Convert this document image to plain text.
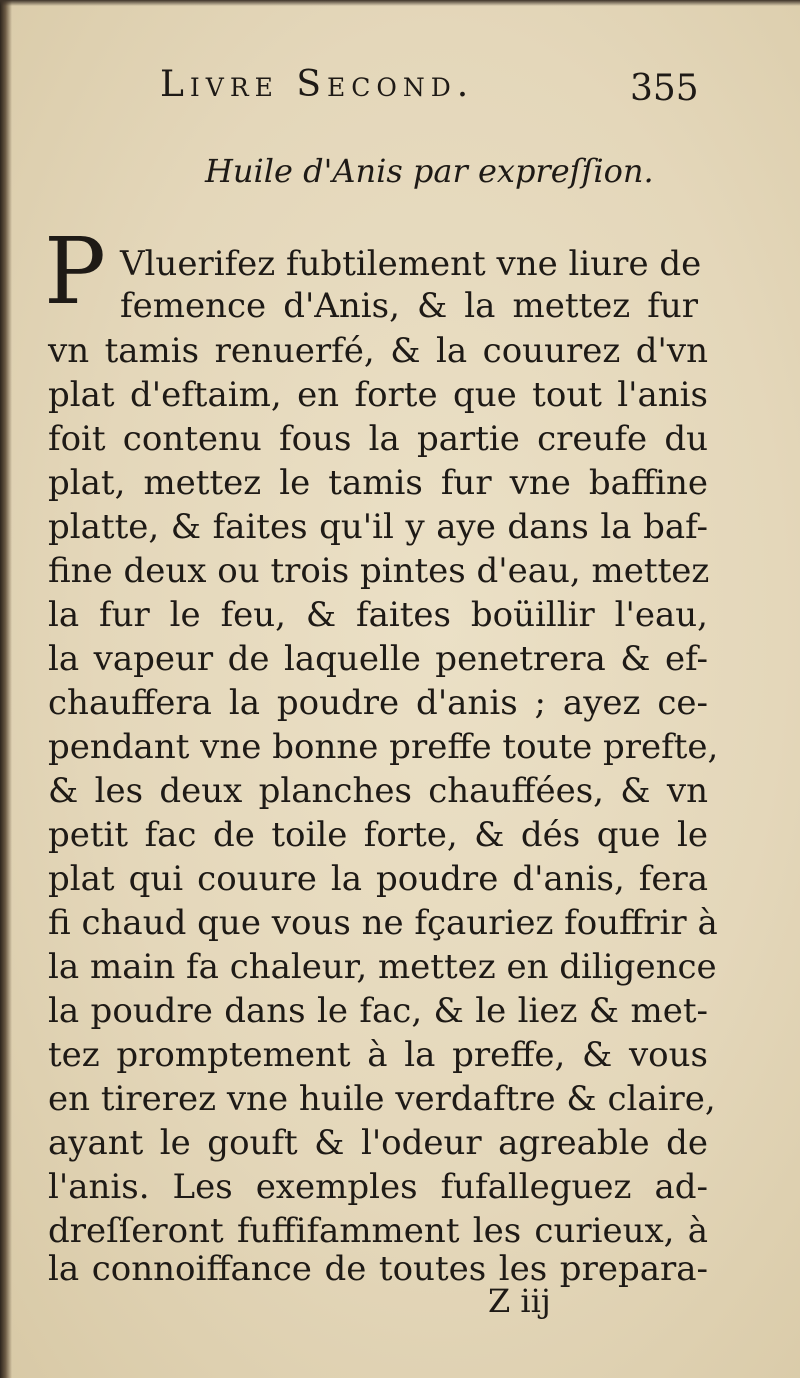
Livre Second.	355
Huile d'Anis par expreſſion.
P Vluerifez fubtilement vne liure de
femence d'Anis, & la mettez fur
vn tamis renuerfé, & la couurez d'vn
plat d'eftaim, en forte que tout l'anis
foit contenu fous la partie creufe du
plat, mettez le tamis fur vne baffine
platte, & faites qu'il y aye dans la baf-
fine deux ou trois pintes d'eau, mettez
la fur le feu, & faites boüillir l'eau,
la vapeur de laquelle penetrera & ef-
chauffera la poudre d'anis ; ayez ce-
pendant vne bonne preffe toute prefte,
& les deux planches chauffées, & vn
petit fac de toile forte, & dés que le
plat qui couure la poudre d'anis, fera
fi chaud que vous ne fçauriez fouffrir à
la main fa chaleur, mettez en diligence
la poudre dans le fac, & le liez & met-
tez promptement à la preffe, & vous
en tirerez vne huile verdaftre & claire,
ayant le gouft & l'odeur agreable de
l'anis. Les exemples fufalleguez ad-
dreſſeront fuffifamment les curieux, à
la connoiffance de toutes les prepara-
Z iij
